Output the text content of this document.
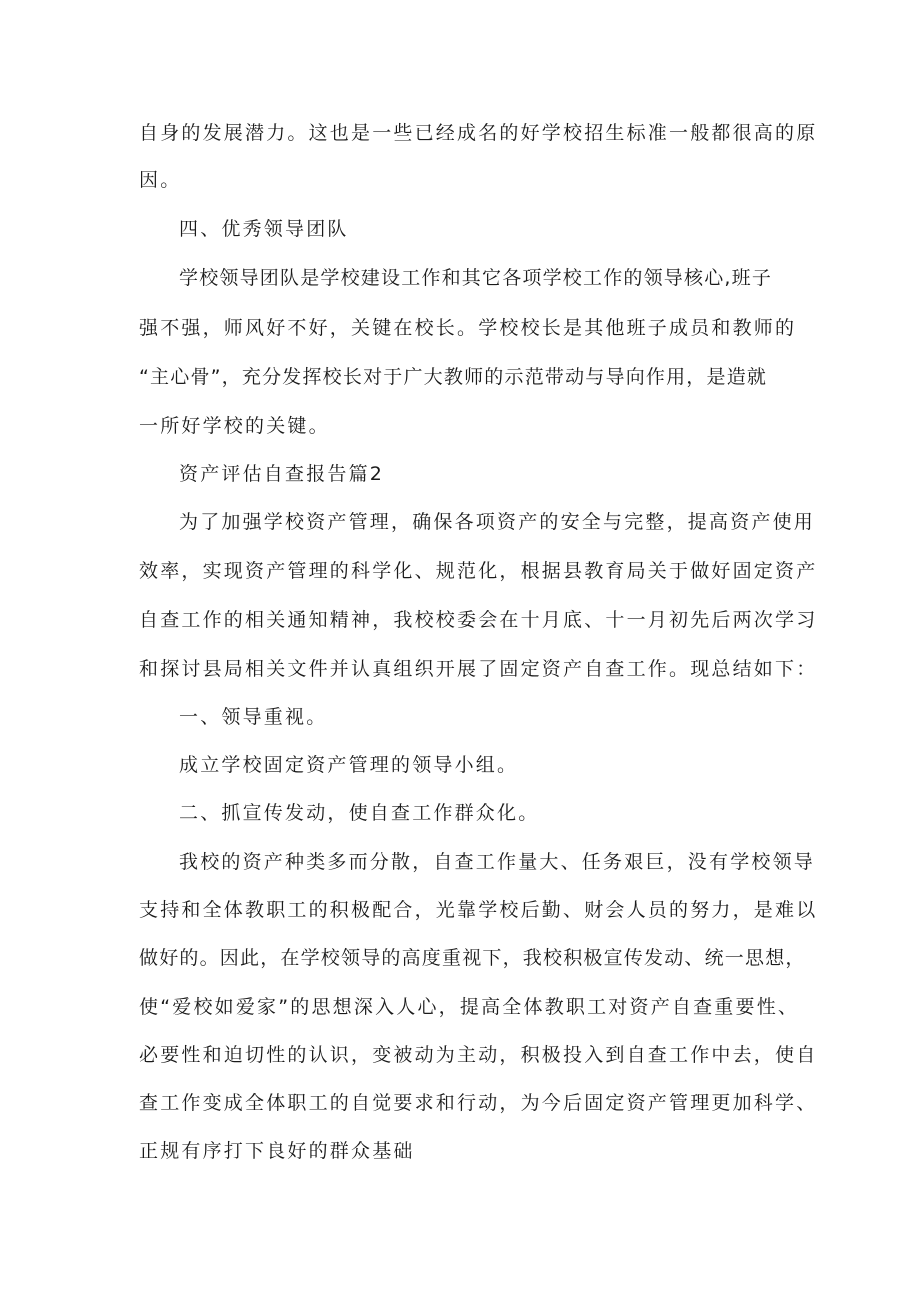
自身的发展潜力。这也是一些已经成名的好学校招生标准一般都很高的原
因。
四、优秀领导团队
学校领导团队是学校建设工作和其它各项学校工作的领导核心,班子
强不强，师风好不好，关键在校长。学校校长是其他班子成员和教师的
“主心骨”，充分发挥校长对于广大教师的示范带动与导向作用，是造就
一所好学校的关键。
资产评估自查报告篇2
为了加强学校资产管理，确保各项资产的安全与完整，提高资产使用
效率，实现资产管理的科学化、规范化，根据县教育局关于做好固定资产
自查工作的相关通知精神，我校校委会在十月底、十一月初先后两次学习
和探讨县局相关文件并认真组织开展了固定资产自查工作。现总结如下：
一、领导重视。
成立学校固定资产管理的领导小组。
二、抓宣传发动，使自查工作群众化。
我校的资产种类多而分散，自查工作量大、任务艰巨，没有学校领导
支持和全体教职工的积极配合，光靠学校后勤、财会人员的努力，是难以
做好的。因此，在学校领导的高度重视下，我校积极宣传发动、统一思想，
使“爱校如爱家”的思想深入人心，提高全体教职工对资产自查重要性、
必要性和迫切性的认识，变被动为主动，积极投入到自查工作中去，使自
查工作变成全体职工的自觉要求和行动，为今后固定资产管理更加科学、
正规有序打下良好的群众基础
